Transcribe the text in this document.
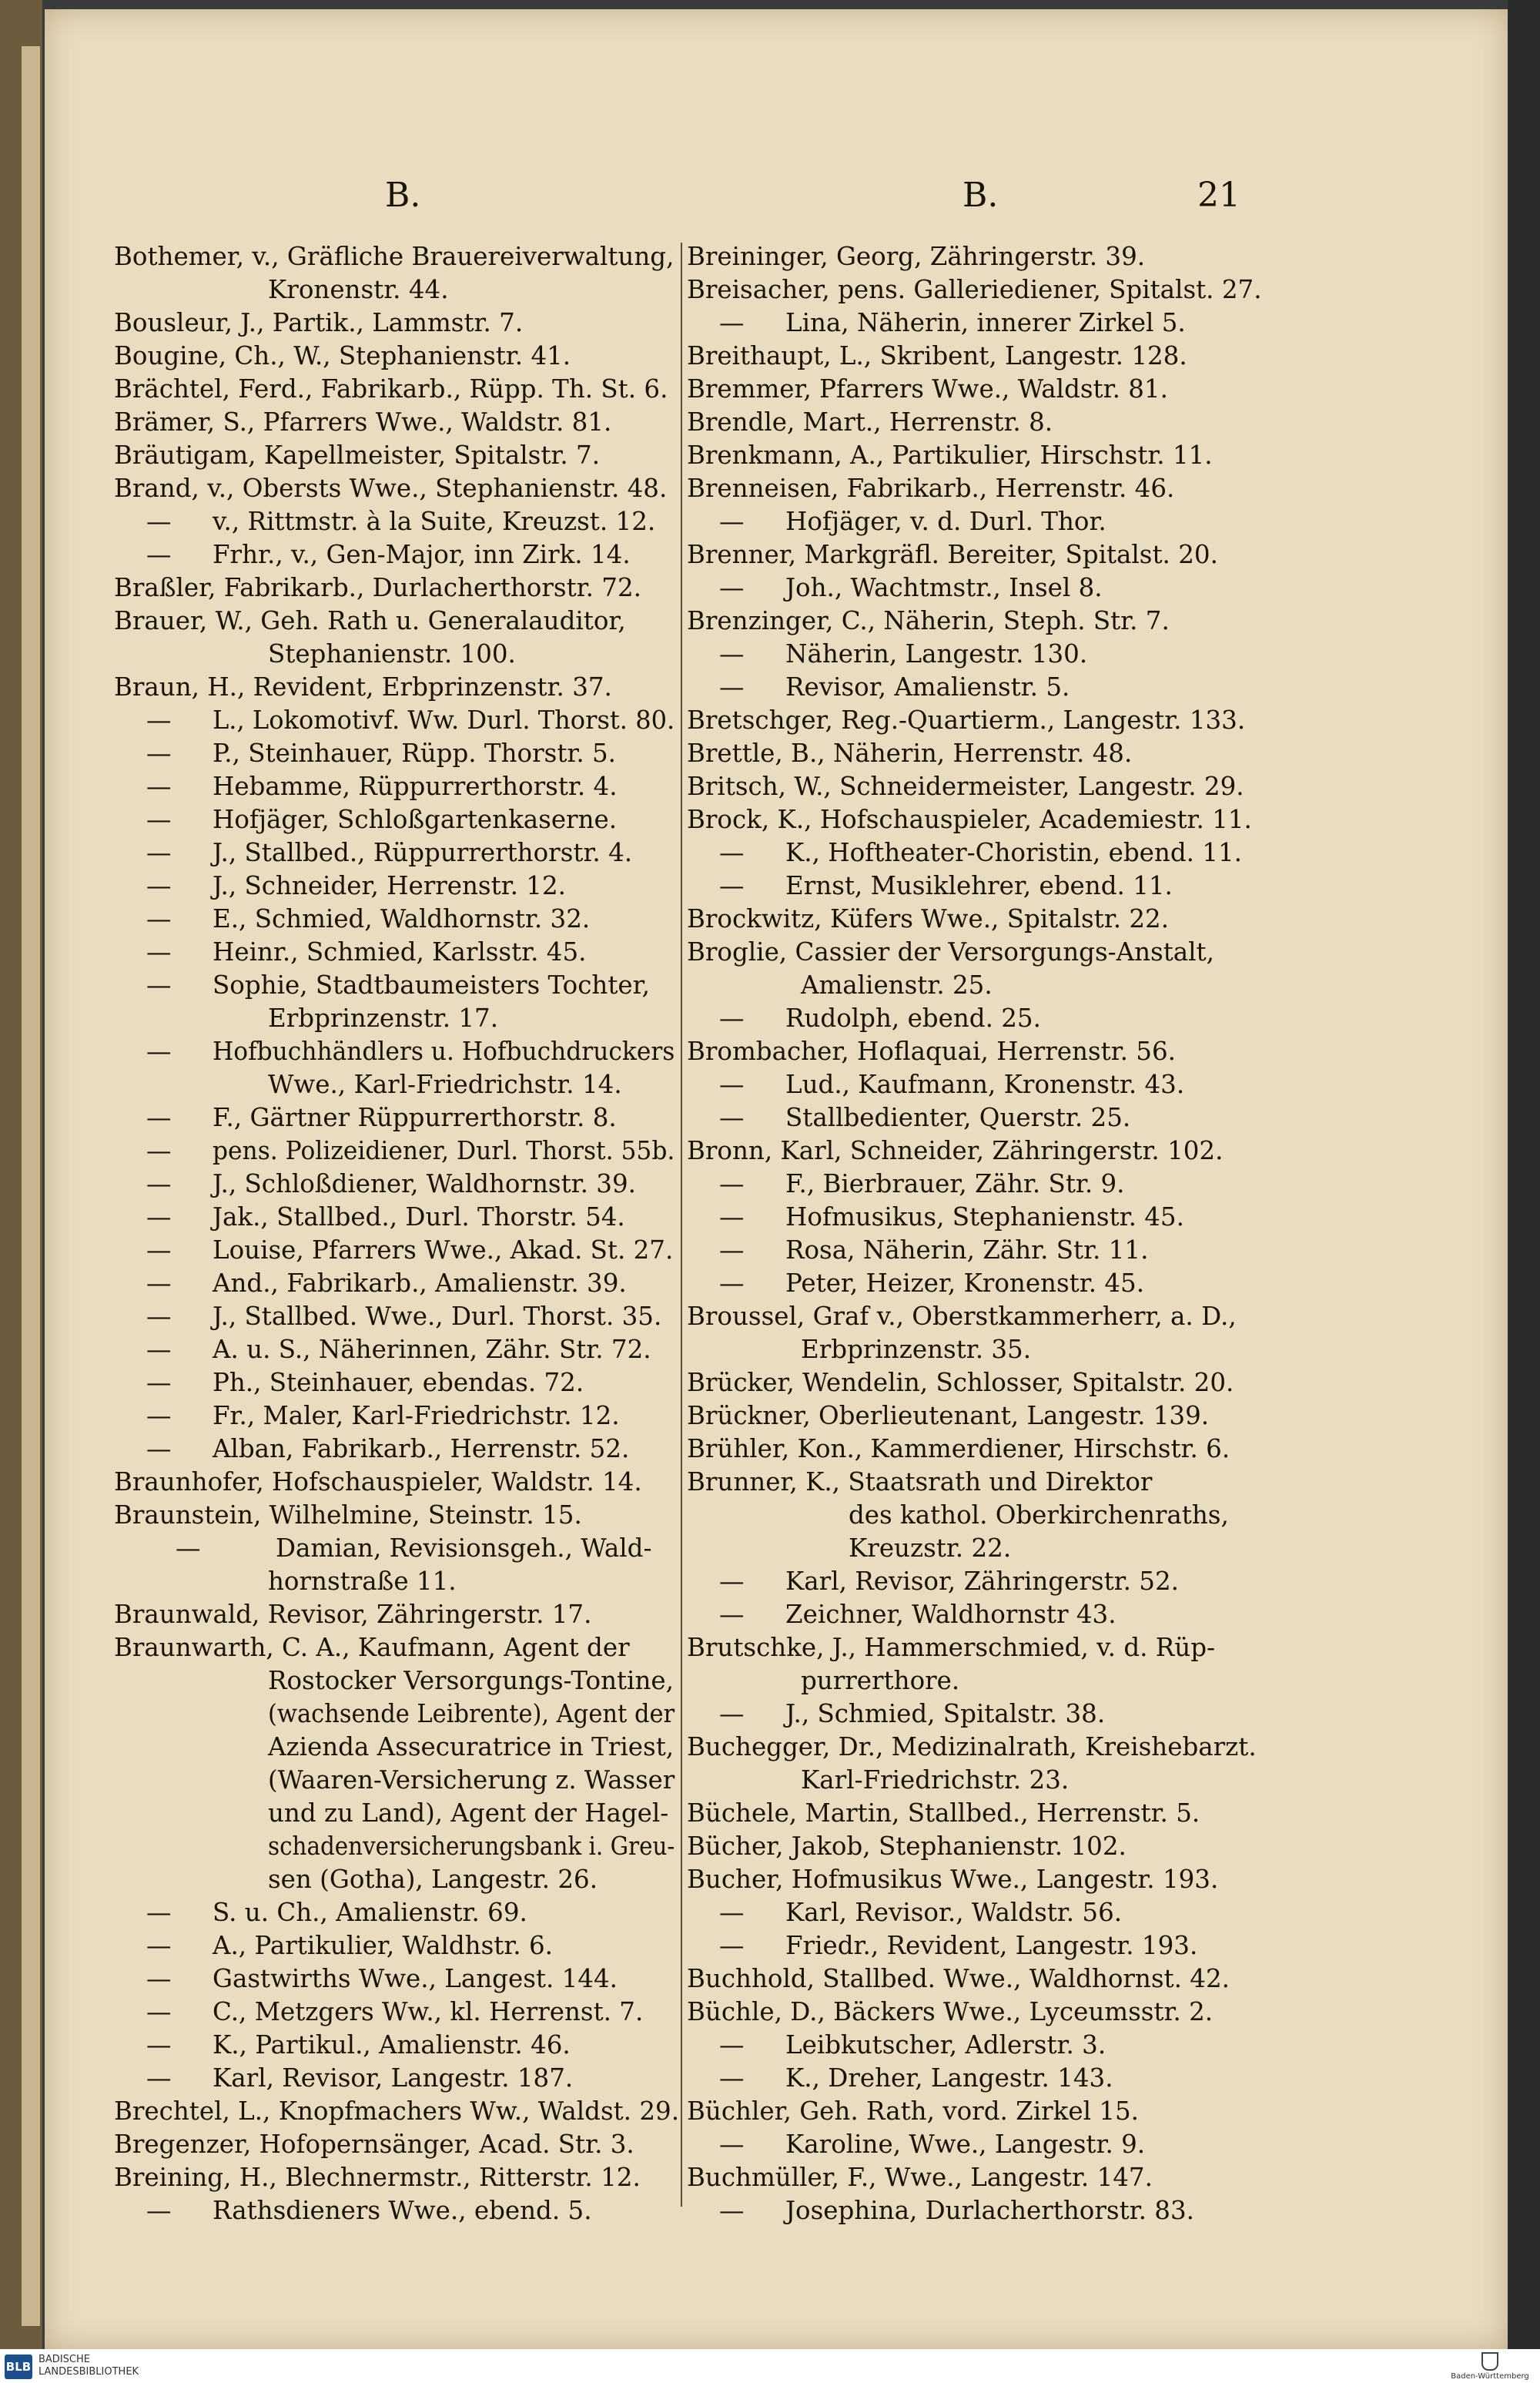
B.	B.	21
Bothemer, v., Gräfliche Brauereiverwaltung,
Kronenstr. 44.
Bousleur, J., Partik., Lammstr. 7.
Bougine, Ch., W., Stephanienstr. 41.
Brächtel, Ferd., Fabrikarb., Rüpp. Th. St. 6.
Brämer, S., Pfarrers Wwe., Waldstr. 81.
Bräutigam, Kapellmeister, Spitalstr. 7.
Brand, v., Obersts Wwe., Stephanienstr. 48.
— v., Rittmstr. à la Suite, Kreuzst. 12.
— Frhr., v., Gen-Major, inn Zirk. 14.
Braßler, Fabrikarb., Durlacherthorstr. 72.
Brauer, W., Geh. Rath u. Generalauditor,
Stephanienstr. 100.
Braun, H., Revident, Erbprinzenstr. 37.
— L., Lokomotivf. Ww. Durl. Thorst. 80.
— P., Steinhauer, Rüpp. Thorstr. 5.
— Hebamme, Rüppurrerthorstr. 4.
— Hofjäger, Schloßgartenkaserne.
— J., Stallbed., Rüppurrerthorstr. 4.
— J., Schneider, Herrenstr. 12.
— E., Schmied, Waldhornstr. 32.
— Heinr., Schmied, Karlsstr. 45.
— Sophie, Stadtbaumeisters Tochter,
Erbprinzenstr. 17.
— Hofbuchhändlers u. Hofbuchdruckers
Wwe., Karl-Friedrichstr. 14.
— F., Gärtner Rüppurrerthorstr. 8.
— pens. Polizeidiener, Durl. Thorst. 55b.
— J., Schloßdiener, Waldhornstr. 39.
— Jak., Stallbed., Durl. Thorstr. 54.
— Louise, Pfarrers Wwe., Akad. St. 27.
— And., Fabrikarb., Amalienstr. 39.
— J., Stallbed. Wwe., Durl. Thorst. 35.
— A. u. S., Näherinnen, Zähr. Str. 72.
— Ph., Steinhauer, ebendas. 72.
— Fr., Maler, Karl-Friedrichstr. 12.
— Alban, Fabrikarb., Herrenstr. 52.
Braunhofer, Hofschauspieler, Waldstr. 14.
Braunstein, Wilhelmine, Steinstr. 15.
—	Damian, Revisionsgeh., Wald-
hornstraße 11.
Braunwald, Revisor, Zähringerstr. 17.
Braunwarth, C. A., Kaufmann, Agent der
Rostocker Versorgungs-Tontine,
(wachsende Leibrente), Agent der
Azienda Assecuratrice in Triest,
(Waaren-Versicherung z. Wasser
und zu Land), Agent der Hagel-
schadenversicherungsbank i. Greu-
sen (Gotha), Langestr. 26.
— S. u. Ch., Amalienstr. 69.
— A., Partikulier, Waldhstr. 6.
— Gastwirths Wwe., Langest. 144.
— C., Metzgers Ww., kl. Herrenst. 7.
— K., Partikul., Amalienstr. 46.
— Karl, Revisor, Langestr. 187.
Brechtel, L., Knopfmachers Ww., Waldst. 29.
Bregenzer, Hofopernsänger, Acad. Str. 3.
Breining, H., Blechnermstr., Ritterstr. 12.
— Rathsdieners Wwe., ebend. 5.
Breininger, Georg, Zähringerstr. 39.
Breisacher, pens. Galleriediener, Spitalst. 27.
— Lina, Näherin, innerer Zirkel 5.
Breithaupt, L., Skribent, Langestr. 128.
Bremmer, Pfarrers Wwe., Waldstr. 81.
Brendle, Mart., Herrenstr. 8.
Brenkmann, A., Partikulier, Hirschstr. 11.
Brenneisen, Fabrikarb., Herrenstr. 46.
— Hofjäger, v. d. Durl. Thor.
Brenner, Markgräfl. Bereiter, Spitalst. 20.
— Joh., Wachtmstr., Insel 8.
Brenzinger, C., Näherin, Steph. Str. 7.
— Näherin, Langestr. 130.
— Revisor, Amalienstr. 5.
Bretschger, Reg.-Quartierm., Langestr. 133.
Brettle, B., Näherin, Herrenstr. 48.
Britsch, W., Schneidermeister, Langestr. 29.
Brock, K., Hofschauspieler, Academiestr. 11.
— K., Hoftheater-Choristin, ebend. 11.
— Ernst, Musiklehrer, ebend. 11.
Brockwitz, Küfers Wwe., Spitalstr. 22.
Broglie, Cassier der Versorgungs-Anstalt,
Amalienstr. 25.
— Rudolph, ebend. 25.
Brombacher, Hoflaquai, Herrenstr. 56.
— Lud., Kaufmann, Kronenstr. 43.
— Stallbedienter, Querstr. 25.
Bronn, Karl, Schneider, Zähringerstr. 102.
— F., Bierbrauer, Zähr. Str. 9.
— Hofmusikus, Stephanienstr. 45.
— Rosa, Näherin, Zähr. Str. 11.
— Peter, Heizer, Kronenstr. 45.
Broussel, Graf v., Oberstkammerherr, a. D.,
Erbprinzenstr. 35.
Brücker, Wendelin, Schlosser, Spitalstr. 20.
Brückner, Oberlieutenant, Langestr. 139.
Brühler, Kon., Kammerdiener, Hirschstr. 6.
Brunner, K., Staatsrath und Direktor
des kathol. Oberkirchenraths,
Kreuzstr. 22.
— Karl, Revisor, Zähringerstr. 52.
— Zeichner, Waldhornstr 43.
Brutschke, J., Hammerschmied, v. d. Rüp-
purrerthore.
— J., Schmied, Spitalstr. 38.
Buchegger, Dr., Medizinalrath, Kreishebarzt.
Karl-Friedrichstr. 23.
Büchele, Martin, Stallbed., Herrenstr. 5.
Bücher, Jakob, Stephanienstr. 102.
Bucher, Hofmusikus Wwe., Langestr. 193.
— Karl, Revisor., Waldstr. 56.
— Friedr., Revident, Langestr. 193.
Buchhold, Stallbed. Wwe., Waldhornst. 42.
Büchle, D., Bäckers Wwe., Lyceumsstr. 2.
— Leibkutscher, Adlerstr. 3.
— K., Dreher, Langestr. 143.
Büchler, Geh. Rath, vord. Zirkel 15.
— Karoline, Wwe., Langestr. 9.
Buchmüller, F., Wwe., Langestr. 147.
— Josephina, Durlacherthorstr. 83.
BLB
BADISCHE
LANDESBIBLIOTHEK	Baden-Württemberg
